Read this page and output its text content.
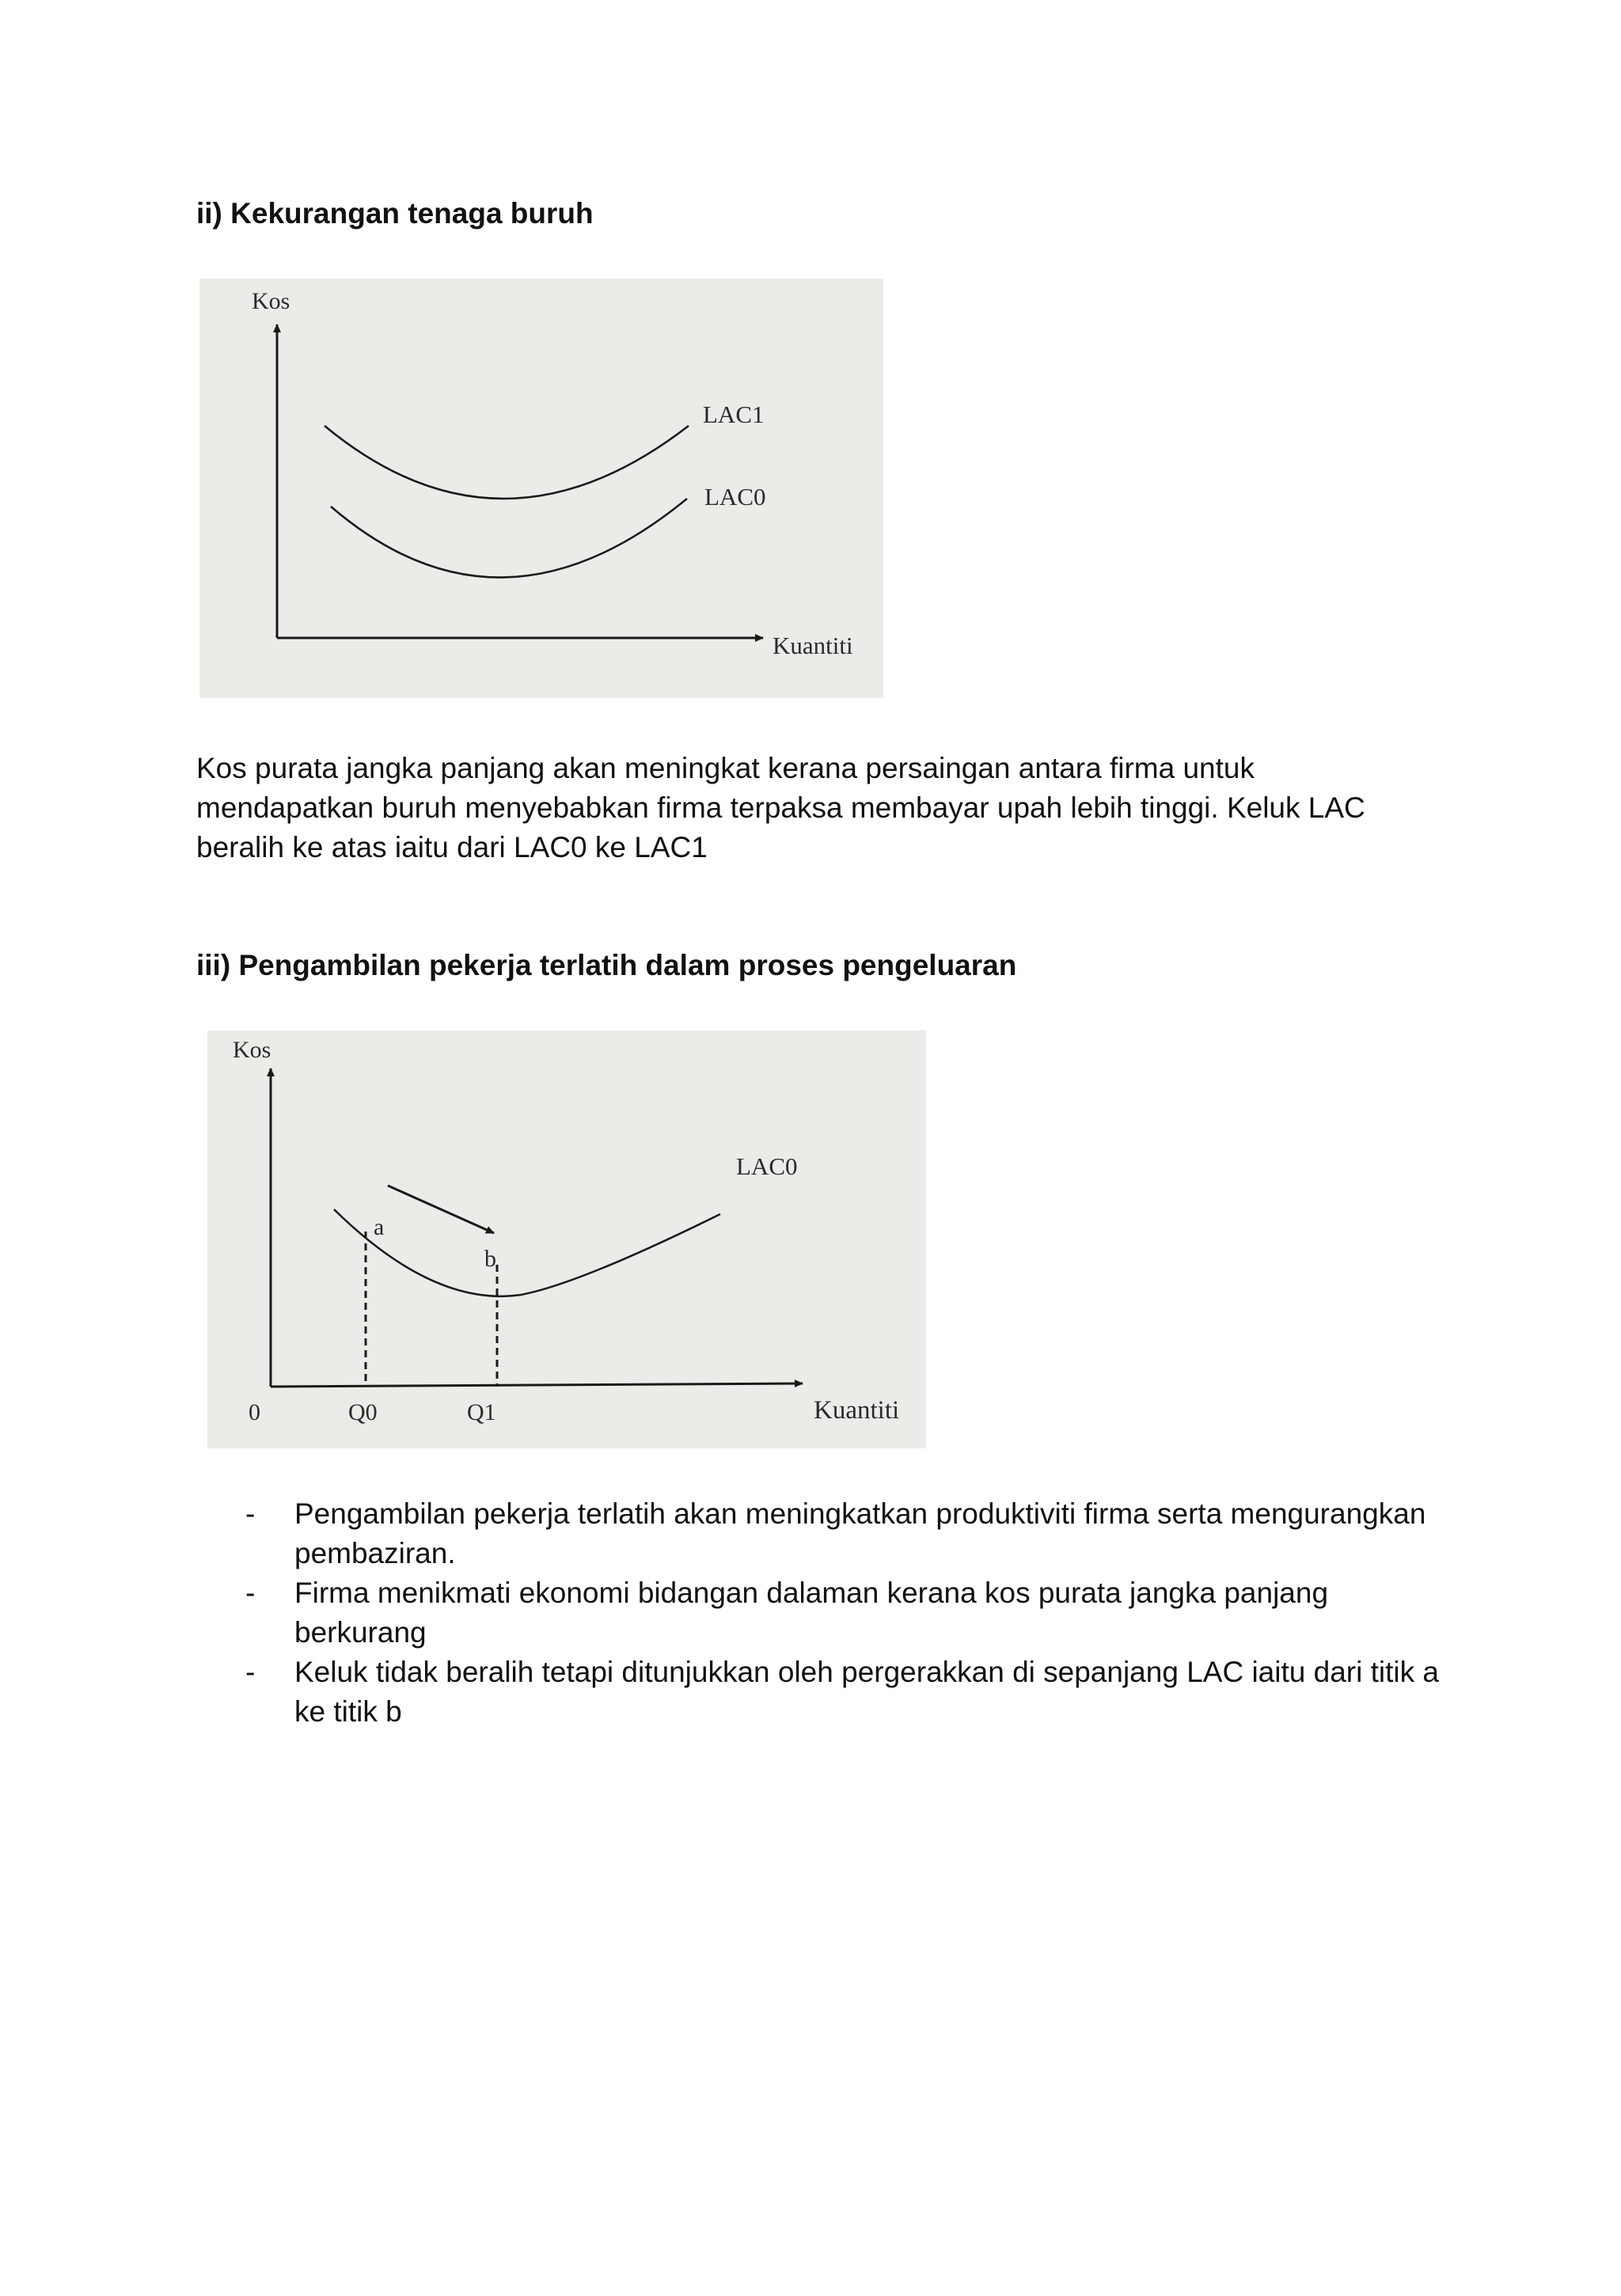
ii) Kekurangan tenaga buruh
Kos
LAC1
LAC0
Kuantiti

Kos purata jangka panjang akan meningkat kerana persaingan antara firma untuk mendapatkan buruh menyebabkan firma terpaksa membayar upah lebih tinggi. Keluk LAC beralih ke atas iaitu dari LAC0 ke LAC1

iii) Pengambilan pekerja terlatih dalam proses pengeluaran
Kos
LAC0
a
b
0	Q0	Q1	Kuantiti
- Pengambilan pekerja terlatih akan meningkatkan produktiviti firma serta mengurangkan pembaziran.
- Firma menikmati ekonomi bidangan dalaman kerana kos purata jangka panjang berkurang
- Keluk tidak beralih tetapi ditunjukkan oleh pergerakkan di sepanjang LAC iaitu dari titik a ke titik b
